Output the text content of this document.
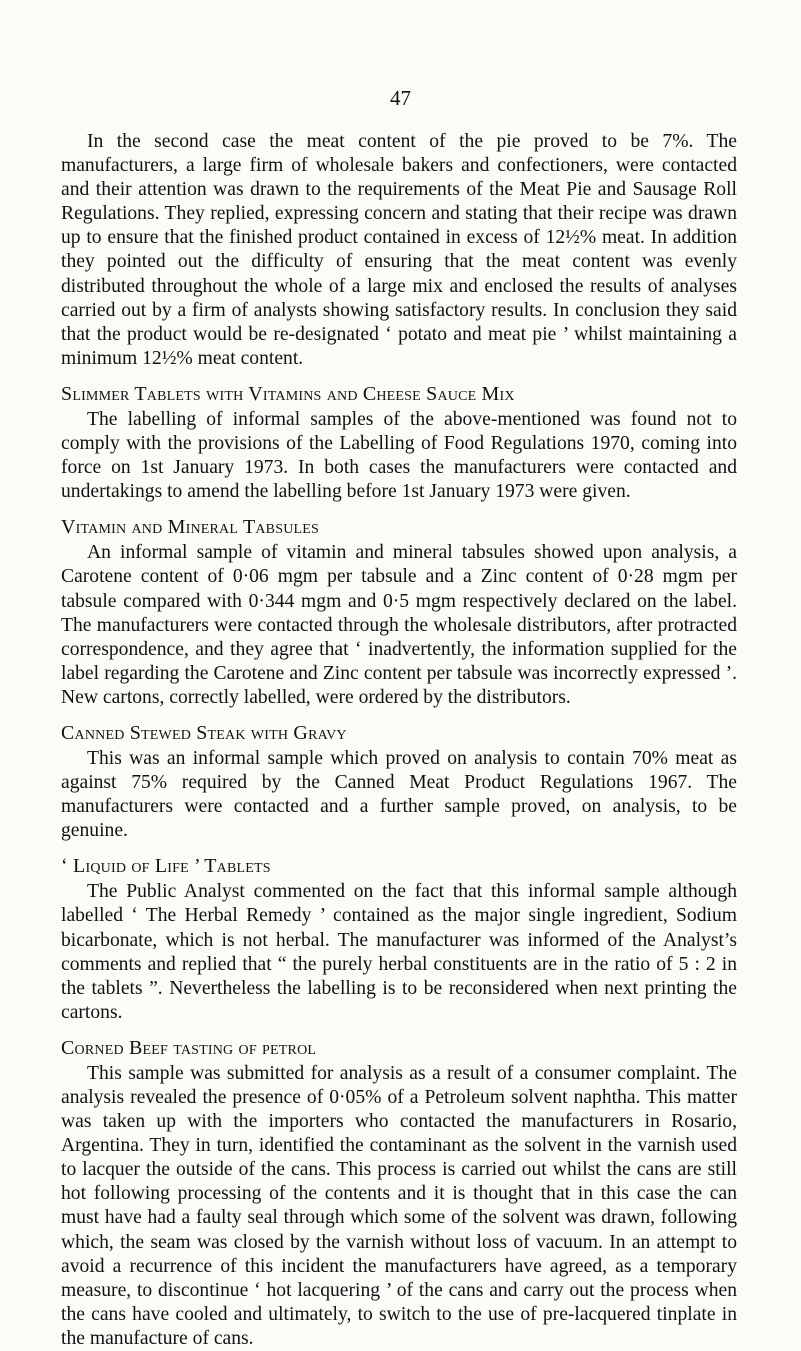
47

In the second case the meat content of the pie proved to be 7%. The manufacturers, a large firm of wholesale bakers and confectioners, were contacted and their attention was drawn to the requirements of the Meat Pie and Sausage Roll Regulations. They replied, expressing concern and stating that their recipe was drawn up to ensure that the finished product contained in excess of 12½% meat. In addition they pointed out the difficulty of ensuring that the meat content was evenly distributed throughout the whole of a large mix and enclosed the results of analyses carried out by a firm of analysts showing satisfactory results. In conclusion they said that the product would be re-designated ‘ potato and meat pie ’ whilst maintaining a minimum 12½% meat content.

Slimmer Tablets with Vitamins and Cheese Sauce Mix

The labelling of informal samples of the above-mentioned was found not to comply with the provisions of the Labelling of Food Regulations 1970, coming into force on 1st January 1973. In both cases the manufacturers were contacted and undertakings to amend the labelling before 1st January 1973 were given.

Vitamin and Mineral Tabsules

An informal sample of vitamin and mineral tabsules showed upon analysis, a Carotene content of 0·06 mgm per tabsule and a Zinc content of 0·28 mgm per tabsule compared with 0·344 mgm and 0·5 mgm respectively declared on the label. The manufacturers were contacted through the wholesale distributors, after protracted correspondence, and they agree that ‘ inadvertently, the information supplied for the label regarding the Carotene and Zinc content per tabsule was incorrectly expressed ’. New cartons, correctly labelled, were ordered by the distributors.

Canned Stewed Steak with Gravy

This was an informal sample which proved on analysis to contain 70% meat as against 75% required by the Canned Meat Product Regulations 1967. The manufacturers were contacted and a further sample proved, on analysis, to be genuine.

‘ Liquid of Life ’ Tablets

The Public Analyst commented on the fact that this informal sample although labelled ‘ The Herbal Remedy ’ contained as the major single ingredient, Sodium bicarbonate, which is not herbal. The manufacturer was informed of the Analyst’s comments and replied that “ the purely herbal constituents are in the ratio of 5 : 2 in the tablets ”. Nevertheless the labelling is to be reconsidered when next printing the cartons.

Corned Beef tasting of petrol

This sample was submitted for analysis as a result of a consumer complaint. The analysis revealed the presence of 0·05% of a Petroleum solvent naphtha. This matter was taken up with the importers who contacted the manufacturers in Rosario, Argentina. They in turn, identified the contaminant as the solvent in the varnish used to lacquer the outside of the cans. This process is carried out whilst the cans are still hot following processing of the contents and it is thought that in this case the can must have had a faulty seal through which some of the solvent was drawn, following which, the seam was closed by the varnish without loss of vacuum. In an attempt to avoid a recurrence of this incident the manufacturers have agreed, as a temporary measure, to discontinue ‘ hot lacquering ’ of the cans and carry out the process when the cans have cooled and ultimately, to switch to the use of pre-lacquered tinplate in the manufacture of cans.
